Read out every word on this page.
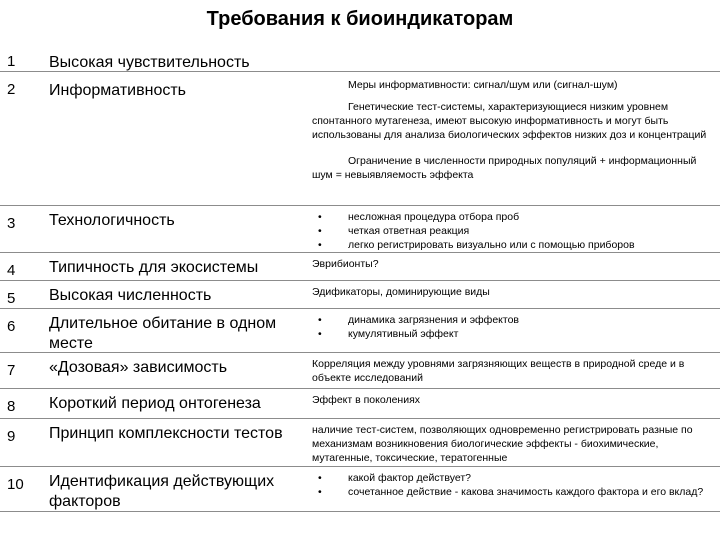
Требования к биоиндикаторам
1	Высокая чувствительность
2	Информативность	Меры информативности: сигнал/шум или (сигнал-шум)

Генетические тест-системы, характеризующиеся низким уровнем спонтанного мутагенеза, имеют высокую информативность и могут быть использованы для анализа биологических эффектов низких доз и концентраций

Ограничение в численности природных популяций + информационный шум = невыявляемость эффекта

3	Технологичность	•	несложная процедура отбора проб
•	четкая ответная реакция
•	легко регистрировать визуально или с помощью приборов
4	Типичность для экосистемы	Эврибионты?
5	Высокая численность	Эдификаторы, доминирующие виды
6	Длительное обитание в одном месте
•	динамика загрязнения и эффектов
•	кумулятивный эффект
7	«Дозовая» зависимость	Корреляция между уровнями загрязняющих веществ в природной среде и в объекте исследований
8	Короткий период онтогенеза	Эффект в поколениях
9	Принцип комплексности тестов	наличие тест-систем, позволяющих одновременно регистрировать разные по механизмам возникновения биологические эффекты - биохимические, мутагенные, токсические, тератогенные
10	Идентификация действующих факторов
•	какой фактор действует?
•	сочетанное действие - какова значимость каждого фактора и его вклад?
